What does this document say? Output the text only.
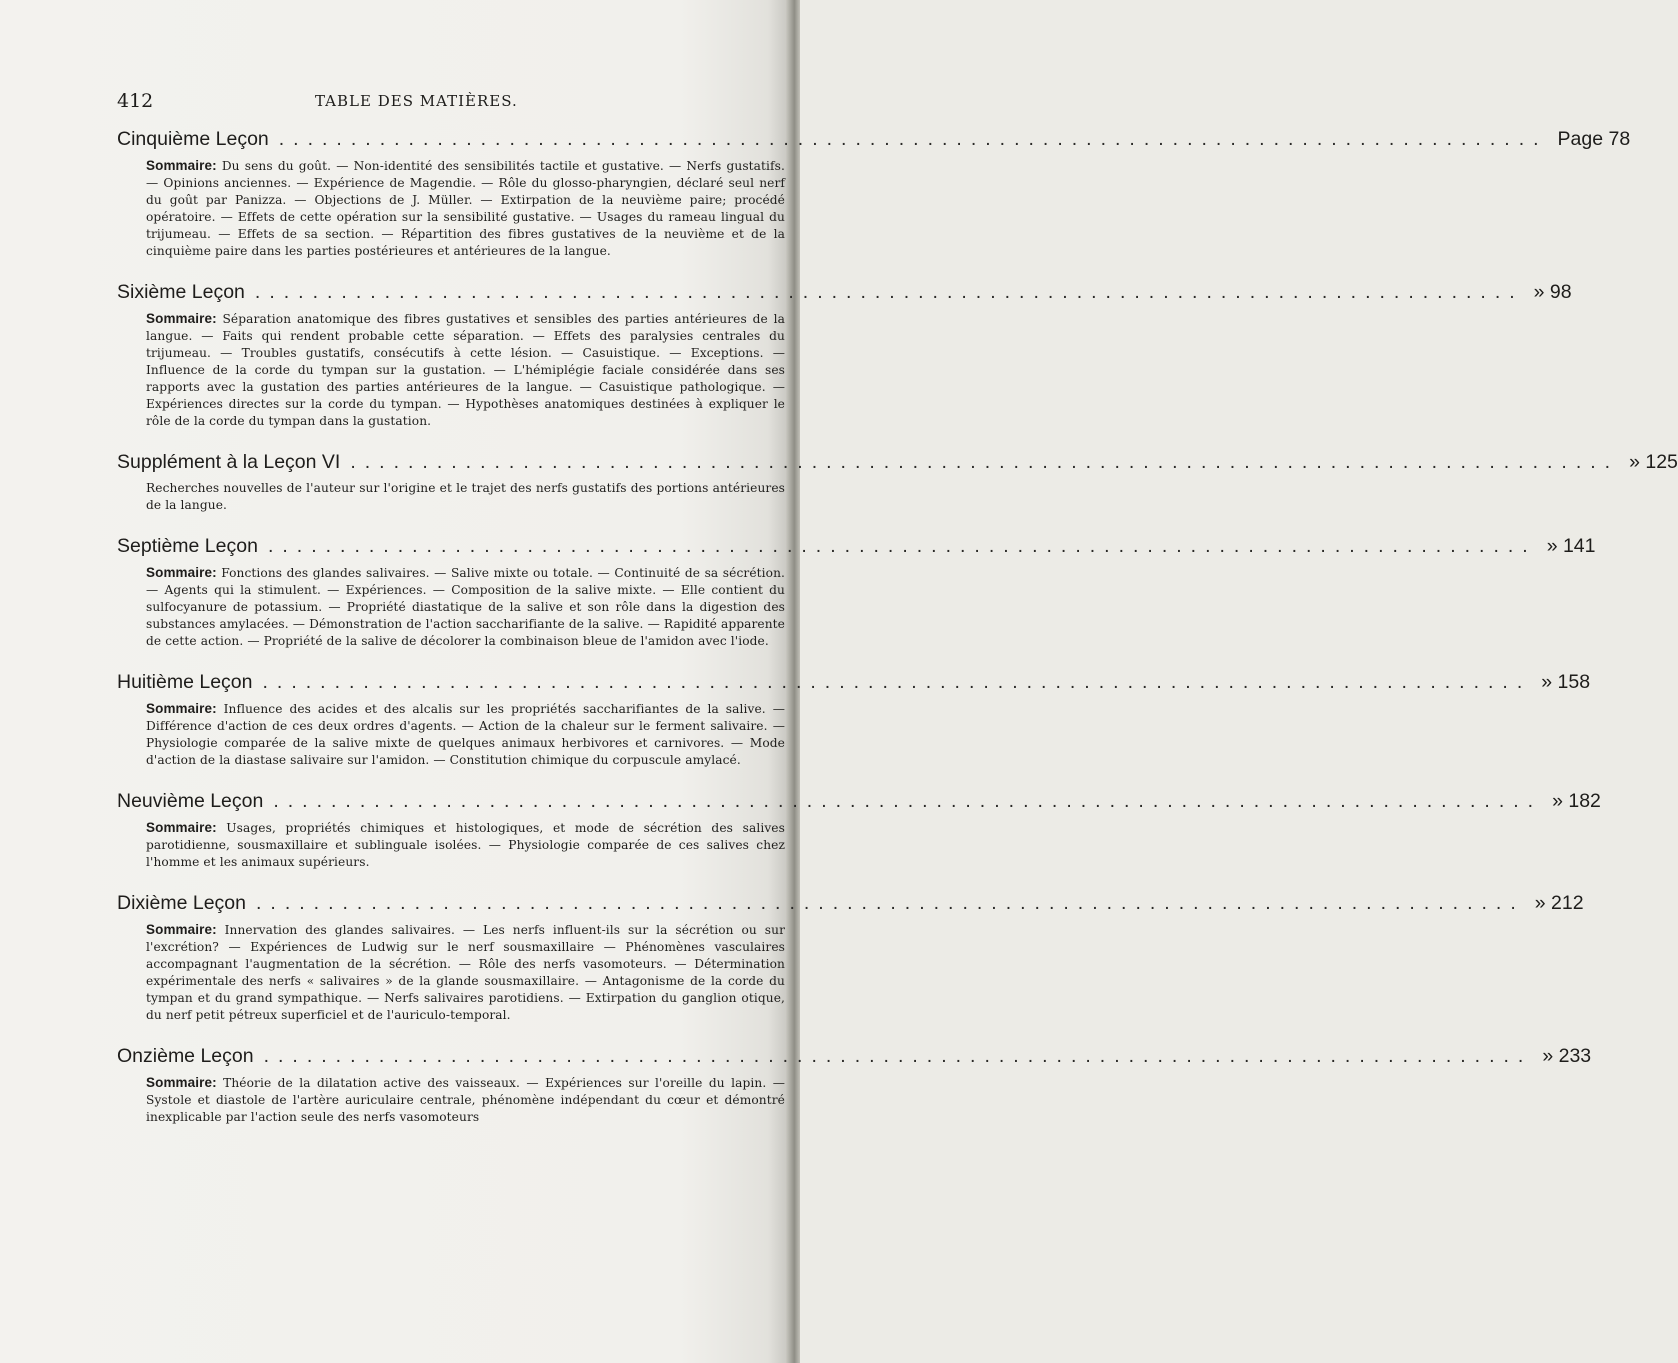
412	TABLE DES MATIÈRES.
Cinquième Leçon ........................................................................................ Page 78
Sommaire: Du sens du goût. — Non-identité des sensibilités tactile et gustative. — Nerfs gustatifs. — Opinions anciennes. — Expérience de Magendie. — Rôle du glosso-pharyngien, déclaré seul nerf du goût par Panizza. — Objections de J. Müller. — Extirpation de la neuvième paire; procédé opératoire. — Effets de cette opération sur la sensibilité gustative. — Usages du rameau lingual du trijumeau. — Effets de sa section. — Répartition des fibres gustatives de la neuvième et de la cinquième paire dans les parties postérieures et antérieures de la langue.
Sixième Leçon ........................................................................................ » 98
Sommaire: Séparation anatomique des fibres gustatives et sensibles des parties antérieures de la langue. — Faits qui rendent probable cette séparation. — Effets des paralysies centrales du trijumeau. — Troubles gustatifs, consécutifs à cette lésion. — Casuistique. — Exceptions. — Influence de la corde du tympan sur la gustation. — L'hémiplégie faciale considérée dans ses rapports avec la gustation des parties antérieures de la langue. — Casuistique pathologique. — Expériences directes sur la corde du tympan. — Hypothèses anatomiques destinées à expliquer le rôle de la corde du tympan dans la gustation.
Supplément à la Leçon VI ........................................................................................ » 125
Recherches nouvelles de l'auteur sur l'origine et le trajet des nerfs gustatifs des portions antérieures de la langue.
Septième Leçon ........................................................................................ » 141
Sommaire: Fonctions des glandes salivaires. — Salive mixte ou totale. — Continuité de sa sécrétion. — Agents qui la stimulent. — Expériences. — Composition de la salive mixte. — Elle contient du sulfocyanure de potassium. — Propriété diastatique de la salive et son rôle dans la digestion des substances amylacées. — Démonstration de l'action saccharifiante de la salive. — Rapidité apparente de cette action. — Propriété de la salive de décolorer la combinaison bleue de l'amidon avec l'iode.
Huitième Leçon ........................................................................................ » 158
Sommaire: Influence des acides et des alcalis sur les propriétés saccharifiantes de la salive. — Différence d'action de ces deux ordres d'agents. — Action de la chaleur sur le ferment salivaire. — Physiologie comparée de la salive mixte de quelques animaux herbivores et carnivores. — Mode d'action de la diastase salivaire sur l'amidon. — Constitution chimique du corpuscule amylacé.
Neuvième Leçon ........................................................................................ » 182
Sommaire: Usages, propriétés chimiques et histologiques, et mode de sécrétion des salives parotidienne, sousmaxillaire et sublinguale isolées. — Physiologie comparée de ces salives chez l'homme et les animaux supérieurs.
Dixième Leçon ........................................................................................ » 212
Sommaire: Innervation des glandes salivaires. — Les nerfs influent-ils sur la sécrétion ou sur l'excrétion? — Expériences de Ludwig sur le nerf sousmaxillaire — Phénomènes vasculaires accompagnant l'augmentation de la sécrétion. — Rôle des nerfs vasomoteurs. — Détermination expérimentale des nerfs « salivaires » de la glande sousmaxillaire. — Antagonisme de la corde du tympan et du grand sympathique. — Nerfs salivaires parotidiens. — Extirpation du ganglion otique, du nerf petit pétreux superficiel et de l'auriculo-temporal.
Onzième Leçon ........................................................................................ » 233
Sommaire: Théorie de la dilatation active des vaisseaux. — Expériences sur l'oreille du lapin. — Systole et diastole de l'artère auriculaire centrale, phénomène indépendant du cœur et démontré inexplicable par l'action seule des nerfs vasomoteurs
